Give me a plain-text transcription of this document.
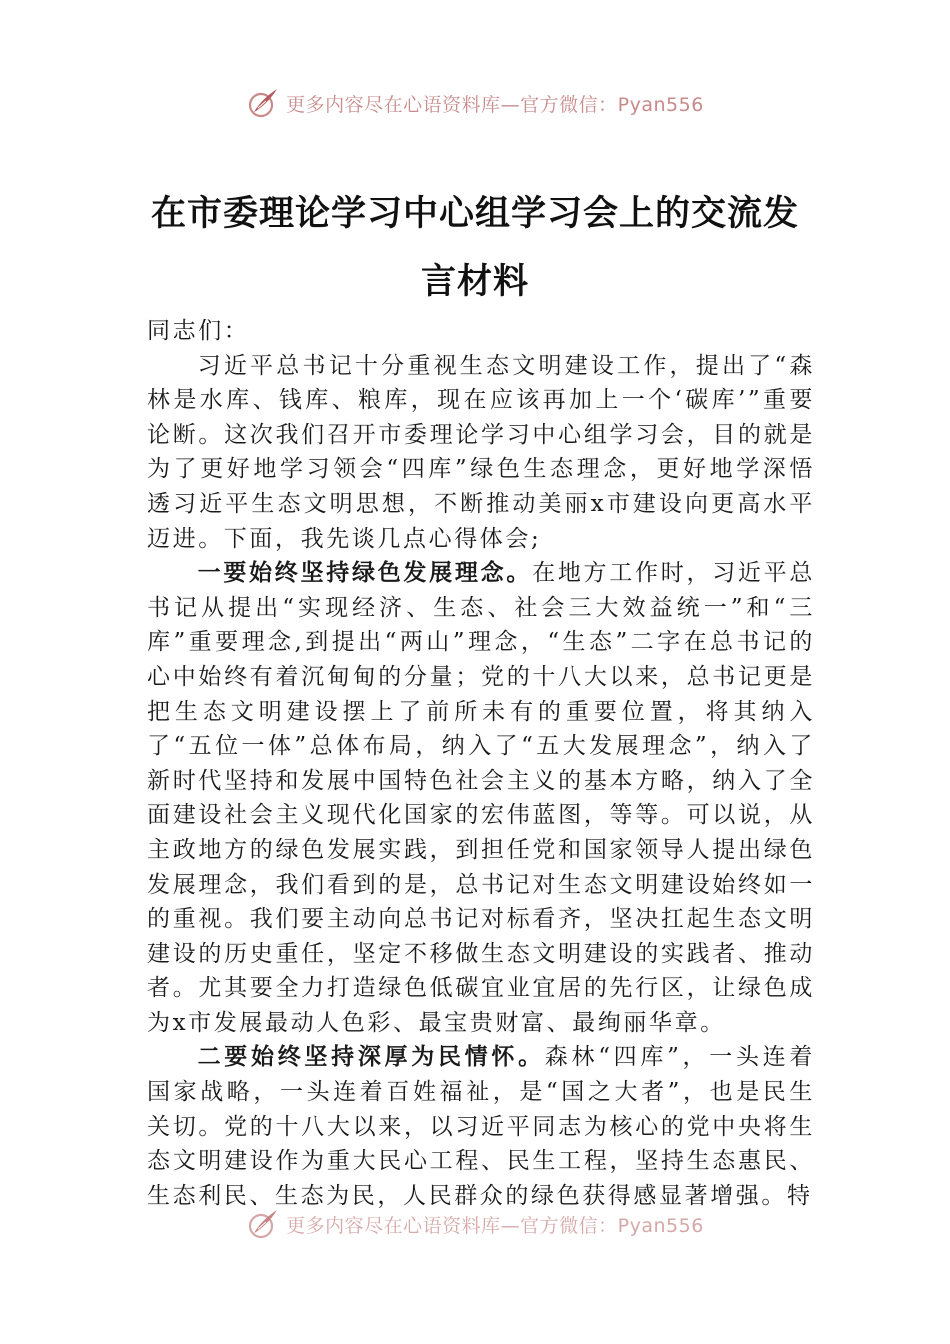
更多内容尽在心语资料库—官方微信：Pyan556
在市委理论学习中心组学习会上的交流发
言材料

同志们：

习近平总书记十分重视生态文明建设工作，提出了“森林是水库、钱库、粮库，现在应该再加上一个‘碳库’”重要论断。这次我们召开市委理论学习中心组学习会，目的就是为了更好地学习领会“四库”绿色生态理念，更好地学深悟透习近平生态文明思想，不断推动美丽x市建设向更高水平迈进。下面，我先谈几点心得体会;

一要始终坚持绿色发展理念。在地方工作时，习近平总书记从提出“实现经济、生态、社会三大效益统一”和“三库”重要理念,到提出“两山”理念，“生态”二字在总书记的心中始终有着沉甸甸的分量；党的十八大以来，总书记更是把生态文明建设摆上了前所未有的重要位置，将其纳入了“五位一体”总体布局，纳入了“五大发展理念”，纳入了新时代坚持和发展中国特色社会主义的基本方略，纳入了全面建设社会主义现代化国家的宏伟蓝图，等等。可以说，从主政地方的绿色发展实践，到担任党和国家领导人提出绿色发展理念，我们看到的是，总书记对生态文明建设始终如一的重视。我们要主动向总书记对标看齐，坚决扛起生态文明建设的历史重任，坚定不移做生态文明建设的实践者、推动者。尤其要全力打造绿色低碳宜业宜居的先行区，让绿色成为x市发展最动人色彩、最宝贵财富、最绚丽华章。

二要始终坚持深厚为民情怀。森林“四库”，一头连着国家战略，一头连着百姓福祉，是“国之大者”，也是民生关切。党的十八大以来，以习近平同志为核心的党中央将生态文明建设作为重大民心工程、民生工程，坚持生态惠民、生态利民、生态为民，人民群众的绿色获得感显著增强。特

更多内容尽在心语资料库—官方微信：Pyan556
